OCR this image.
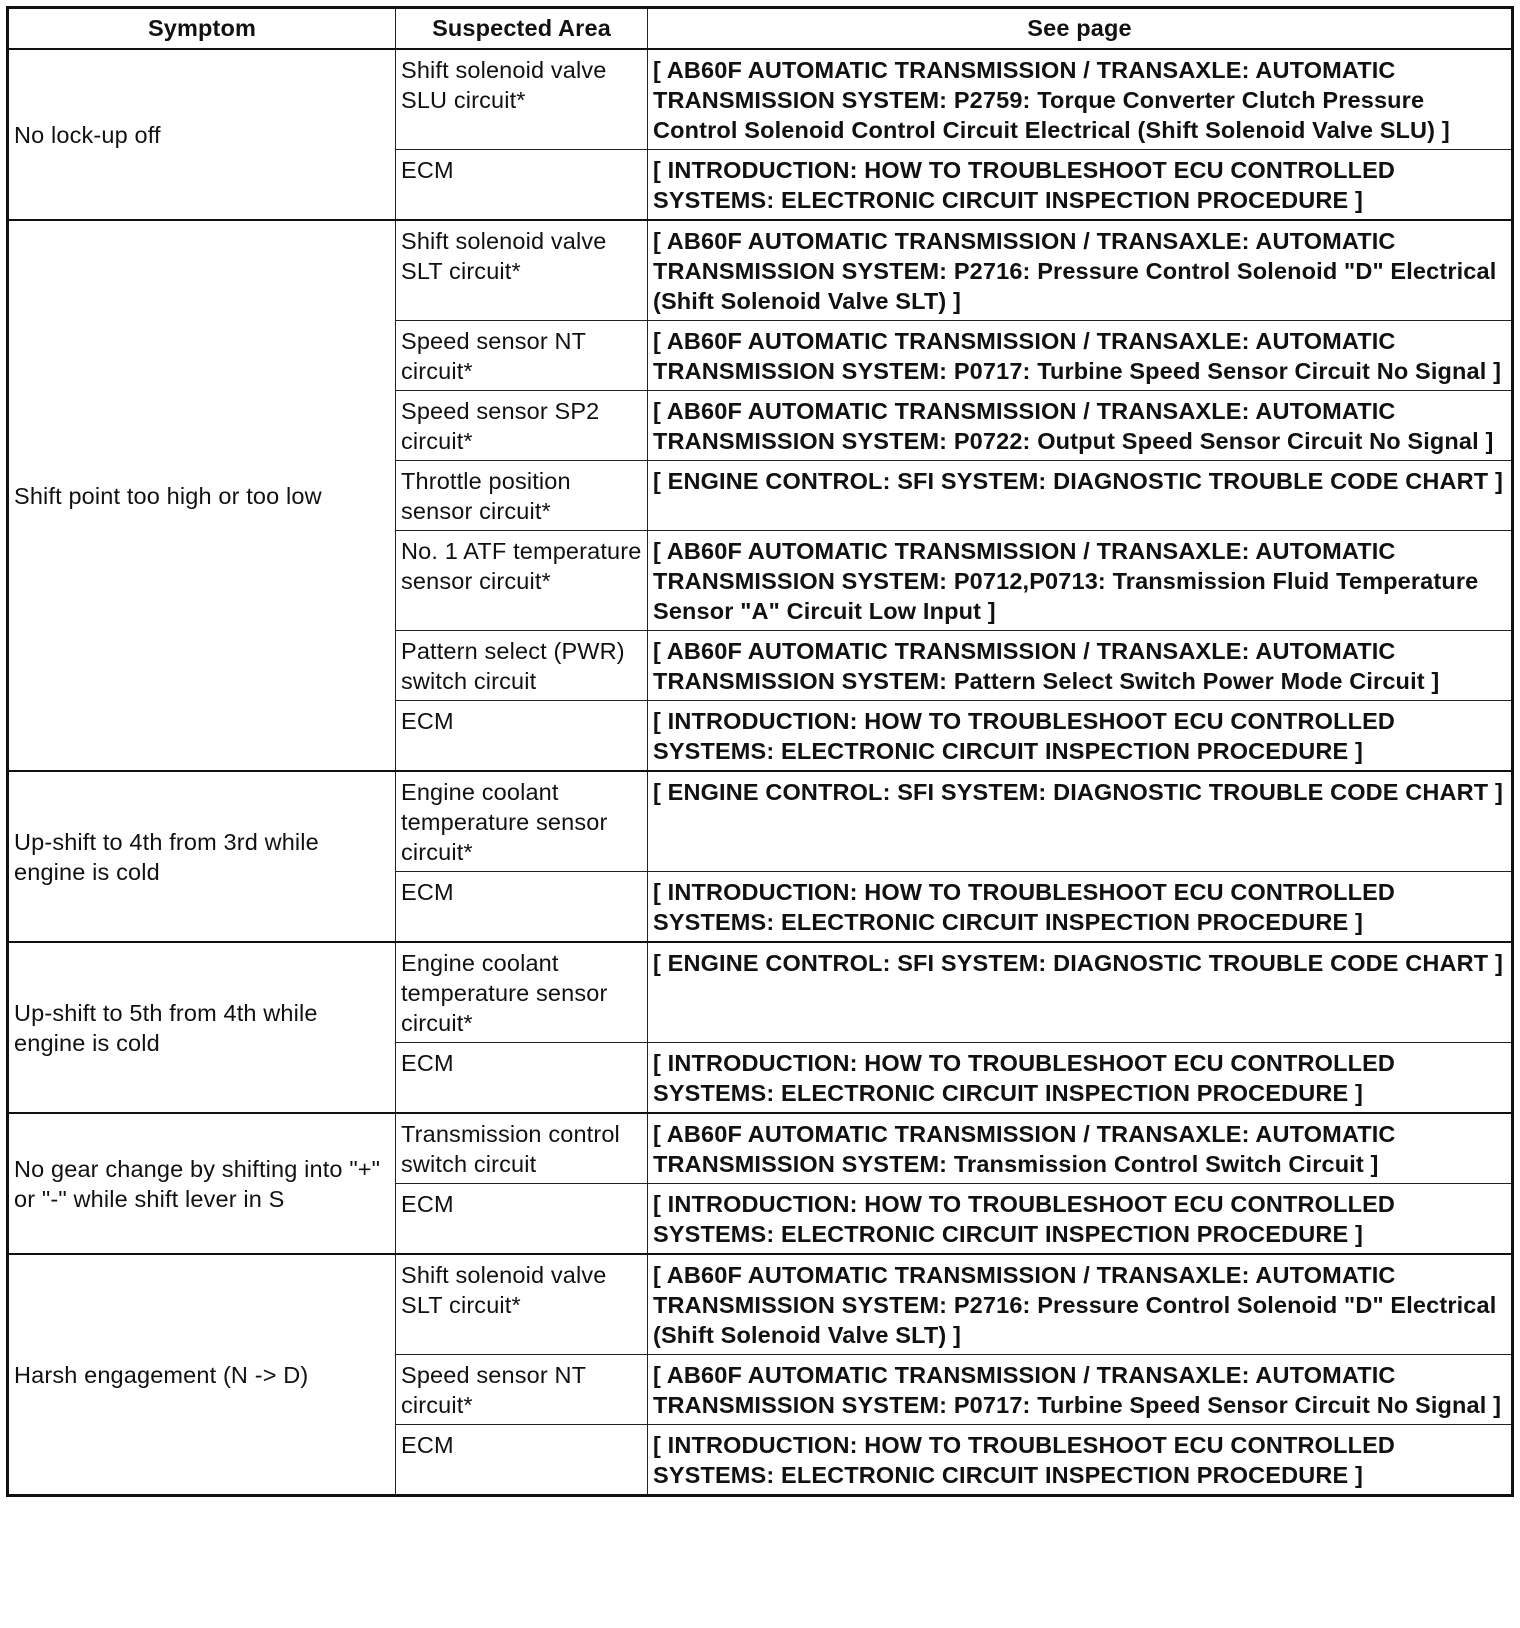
Symptom	Suspected Area	See page
No lock-up off	Shift solenoid valve SLU circuit*	[ AB60F AUTOMATIC TRANSMISSION / TRANSAXLE: AUTOMATIC TRANSMISSION SYSTEM: P2759: Torque Converter Clutch Pressure Control Solenoid Control Circuit Electrical (Shift Solenoid Valve SLU) ]
	ECM	[ INTRODUCTION: HOW TO TROUBLESHOOT ECU CONTROLLED SYSTEMS: ELECTRONIC CIRCUIT INSPECTION PROCEDURE ]
Shift point too high or too low	Shift solenoid valve SLT circuit*	[ AB60F AUTOMATIC TRANSMISSION / TRANSAXLE: AUTOMATIC TRANSMISSION SYSTEM: P2716: Pressure Control Solenoid "D" Electrical (Shift Solenoid Valve SLT) ]
	Speed sensor NT circuit*	[ AB60F AUTOMATIC TRANSMISSION / TRANSAXLE: AUTOMATIC TRANSMISSION SYSTEM: P0717: Turbine Speed Sensor Circuit No Signal ]
	Speed sensor SP2 circuit*	[ AB60F AUTOMATIC TRANSMISSION / TRANSAXLE: AUTOMATIC TRANSMISSION SYSTEM: P0722: Output Speed Sensor Circuit No Signal ]
	Throttle position sensor circuit*	[ ENGINE CONTROL: SFI SYSTEM: DIAGNOSTIC TROUBLE CODE CHART ]
	No. 1 ATF temperature sensor circuit*	[ AB60F AUTOMATIC TRANSMISSION / TRANSAXLE: AUTOMATIC TRANSMISSION SYSTEM: P0712,P0713: Transmission Fluid Temperature Sensor "A" Circuit Low Input ]
	Pattern select (PWR) switch circuit	[ AB60F AUTOMATIC TRANSMISSION / TRANSAXLE: AUTOMATIC TRANSMISSION SYSTEM: Pattern Select Switch Power Mode Circuit ]
	ECM	[ INTRODUCTION: HOW TO TROUBLESHOOT ECU CONTROLLED SYSTEMS: ELECTRONIC CIRCUIT INSPECTION PROCEDURE ]
Up-shift to 4th from 3rd while engine is cold	Engine coolant temperature sensor circuit*	[ ENGINE CONTROL: SFI SYSTEM: DIAGNOSTIC TROUBLE CODE CHART ]
	ECM	[ INTRODUCTION: HOW TO TROUBLESHOOT ECU CONTROLLED SYSTEMS: ELECTRONIC CIRCUIT INSPECTION PROCEDURE ]
Up-shift to 5th from 4th while engine is cold	Engine coolant temperature sensor circuit*	[ ENGINE CONTROL: SFI SYSTEM: DIAGNOSTIC TROUBLE CODE CHART ]
	ECM	[ INTRODUCTION: HOW TO TROUBLESHOOT ECU CONTROLLED SYSTEMS: ELECTRONIC CIRCUIT INSPECTION PROCEDURE ]
No gear change by shifting into "+" or "-" while shift lever in S	Transmission control switch circuit	[ AB60F AUTOMATIC TRANSMISSION / TRANSAXLE: AUTOMATIC TRANSMISSION SYSTEM: Transmission Control Switch Circuit ]
	ECM	[ INTRODUCTION: HOW TO TROUBLESHOOT ECU CONTROLLED SYSTEMS: ELECTRONIC CIRCUIT INSPECTION PROCEDURE ]
Harsh engagement (N -> D)	Shift solenoid valve SLT circuit*	[ AB60F AUTOMATIC TRANSMISSION / TRANSAXLE: AUTOMATIC TRANSMISSION SYSTEM: P2716: Pressure Control Solenoid "D" Electrical (Shift Solenoid Valve SLT) ]
	Speed sensor NT circuit*	[ AB60F AUTOMATIC TRANSMISSION / TRANSAXLE: AUTOMATIC TRANSMISSION SYSTEM: P0717: Turbine Speed Sensor Circuit No Signal ]
	ECM	[ INTRODUCTION: HOW TO TROUBLESHOOT ECU CONTROLLED SYSTEMS: ELECTRONIC CIRCUIT INSPECTION PROCEDURE ]
